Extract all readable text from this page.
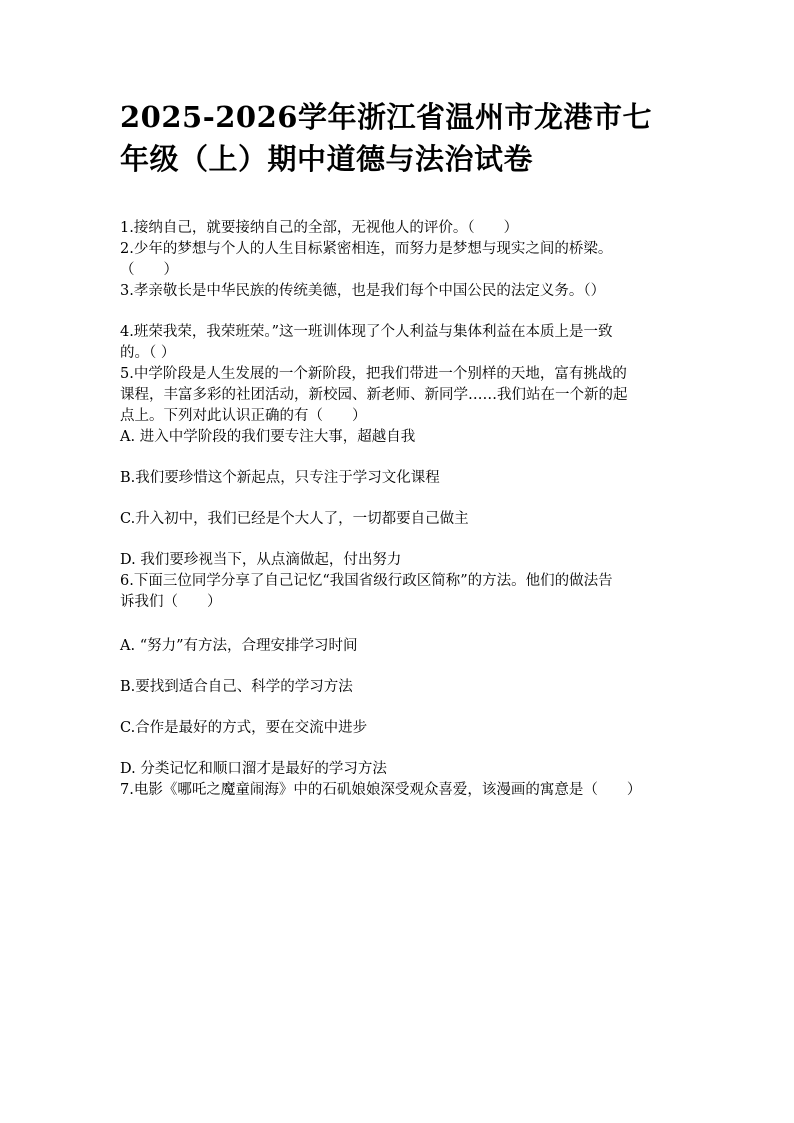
2025-2026学年浙江省温州市龙港市七
年级（上）期中道德与法治试卷
1.接纳自己，就要接纳自己的全部，无视他人的评价。（　　）
2.少年的梦想与个人的人生目标紧密相连，而努力是梦想与现实之间的桥梁。
（　　）
3.孝亲敬长是中华民族的传统美德，也是我们每个中国公民的法定义务。（）
4.班荣我荣，我荣班荣。”这一班训体现了个人利益与集体利益在本质上是一致
的。（ ）
5.中学阶段是人生发展的一个新阶段，把我们带进一个别样的天地，富有挑战的
课程，丰富多彩的社团活动，新校园、新老师、新同学……我们站在一个新的起
点上。下列对此认识正确的有（　　）
A. 进入中学阶段的我们要专注大事，超越自我
B.我们要珍惜这个新起点，只专注于学习文化课程
C.升入初中，我们已经是个大人了，一切都要自己做主
D. 我们要珍视当下，从点滴做起，付出努力
6.下面三位同学分享了自己记忆“我国省级行政区简称”的方法。他们的做法告
诉我们（　　）
A. “努力”有方法，合理安排学习时间
B.要找到适合自己、科学的学习方法
C.合作是最好的方式，要在交流中进步
D. 分类记忆和顺口溜才是最好的学习方法
7.电影《哪吒之魔童闹海》中的石矶娘娘深受观众喜爱，该漫画的寓意是（　　）
